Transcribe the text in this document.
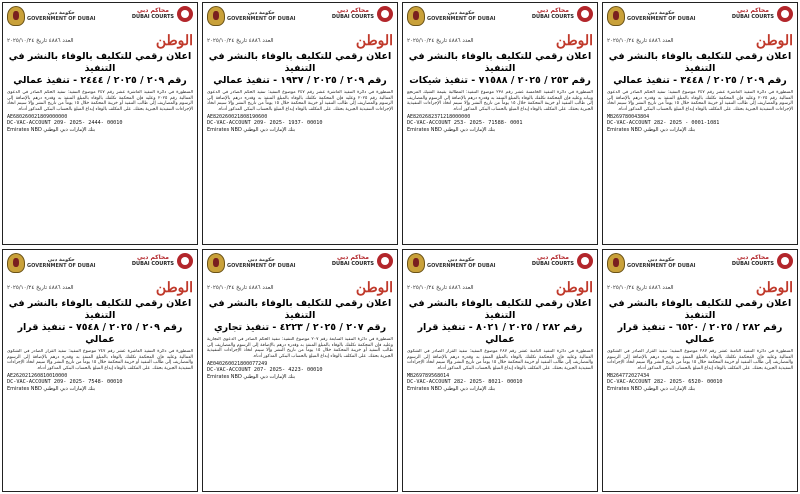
حكومة دبي
GOVERNMENT OF DUBAI
محاكم دبي
DUBAI COURTS
العدد ٤٨٨٦ تاريخ ٢٠٢٥/١٠/٢٤	الوطن
اعلان رقمي للتكليف بالوفاء بالنشر في التنفيذ
رقم ٢٠٩ / ٢٠٢٥ / ٢٤٤٤ - تنفيذ عمالي

المنظورة في دائرة التنفيذ العاشرة عشر رقم ٢٤٧ موضوع التنفيذ: تنفيذ الحكم الصادر في الدعوى العمالية رقم ٢٠٢٥ وعليه فإن المحكمة تكلفك بالوفاء بالمبلغ المنفذ به وقدره درهم بالإضافة إلى الرسوم والمصاريف إلى طالب التنفيذ أو خزينة المحكمة خلال ١٥ يوماً من تاريخ النشر وإلا سيتم اتخاذ الإجراءات التنفيذية الجبرية بحقك. على المكلف بالوفاء إيداع المبلغ بالحساب البنكي المذكور أدناه.

AE680260021809000000
DC-VAC-ACCOUNT 209- 2025- 2444- 00010
بنك الإمارات دبي الوطني Emirates NBD
حكومة دبي
GOVERNMENT OF DUBAI
محاكم دبي
DUBAI COURTS
العدد ٤٨٨٦ تاريخ ٢٠٢٥/١٠/٢٤	الوطن
اعلان رقمي للتكليف بالوفاء بالنشر في التنفيذ
رقم ٢٠٩ / ٢٠٢٥ / ١٩٣٧ - تنفيذ عمالي

المنظورة في دائرة التنفيذ العاشرة عشر رقم ٢٤٧ موضوع التنفيذ: تنفيذ الحكم الصادر في الدعوى العمالية رقم ٢٠٢٥ وعليه فإن المحكمة تكلفك بالوفاء بالمبلغ المنفذ به وقدره درهم بالإضافة إلى الرسوم والمصاريف إلى طالب التنفيذ أو خزينة المحكمة خلال ١٥ يوماً من تاريخ النشر وإلا سيتم اتخاذ الإجراءات التنفيذية الجبرية بحقك. على المكلف بالوفاء إيداع المبلغ بالحساب البنكي المذكور أدناه.

AE820260021808190600
DC-VAC-ACCOUNT 209- 2025- 1937- 00010
بنك الإمارات دبي الوطني Emirates NBD
حكومة دبي
GOVERNMENT OF DUBAI
محاكم دبي
DUBAI COURTS
العدد ٤٨٨٦ تاريخ ٢٠٢٥/١٠/٢٤	الوطن
اعلان رقمي للتكليف بالوفاء بالنشر في التنفيذ
رقم ٢٥٣ / ٢٠٢٥ / ٧١٥٨٨ - تنفيذ شيكات

المنظورة في دائرة التنفيذ الخامسة عشر رقم ٢٣٨ موضوع التنفيذ: المطالبة بقيمة الشيك المرتجع وبيانه وعليه فإن المحكمة تكلفك بالوفاء بالمبلغ المنفذ به وقدره درهم بالإضافة إلى الرسوم والمصاريف إلى طالب التنفيذ أو خزينة المحكمة خلال ١٥ يوماً من تاريخ النشر وإلا سيتم اتخاذ الإجراءات التنفيذية الجبرية بحقك. على المكلف بالوفاء إيداع المبلغ بالحساب البنكي المذكور أدناه.

AE8202682371218000000
DC-VAC-ACCOUNT 253- 2025- 71588- 0001
بنك الإمارات دبي الوطني Emirates NBD
حكومة دبي
GOVERNMENT OF DUBAI
محاكم دبي
DUBAI COURTS
العدد ٤٨٨٦ تاريخ ٢٠٢٥/١٠/٢٤	الوطن
اعلان رقمي للتكليف بالوفاء بالنشر في التنفيذ
رقم ٢٠٩ / ٢٠٢٥ / ٣٤٤٨ - تنفيذ عمالي

المنظورة في دائرة التنفيذ العاشرة عشر رقم ٢٤٧ موضوع التنفيذ: تنفيذ الحكم الصادر في الدعوى العمالية رقم ٢٠٢٥ وعليه فإن المحكمة تكلفك بالوفاء بالمبلغ المنفذ به وقدره درهم بالإضافة إلى الرسوم والمصاريف إلى طالب التنفيذ أو خزينة المحكمة خلال ١٥ يوماً من تاريخ النشر وإلا سيتم اتخاذ الإجراءات التنفيذية الجبرية بحقك. على المكلف بالوفاء إيداع المبلغ بالحساب البنكي المذكور أدناه.

MB269780043804
DC-VAC-ACCOUNT 282- 2025 - 0001-1081
بنك الإمارات دبي الوطني Emirates NBD
حكومة دبي
GOVERNMENT OF DUBAI
محاكم دبي
DUBAI COURTS
العدد ٤٨٨٦ تاريخ ٢٠٢٥/١٠/٢٤	الوطن
اعلان رقمي للتكليف بالوفاء بالنشر في التنفيذ
رقم ٢٠٩ / ٢٠٢٥ / ٧٥٤٨ - تنفيذ قرار عمالي

المنظورة في دائرة التنفيذ العاشرة عشر رقم ٢٤٧ موضوع التنفيذ: تنفيذ القرار الصادر في الشكوى العمالية وعليه فإن المحكمة تكلفك بالوفاء بالمبلغ المنفذ به وقدره درهم بالإضافة إلى الرسوم والمصاريف إلى طالب التنفيذ أو خزينة المحكمة خلال ١٥ يوماً من تاريخ النشر وإلا سيتم اتخاذ الإجراءات التنفيذية الجبرية بحقك. على المكلف بالوفاء إيداع المبلغ بالحساب البنكي المذكور أدناه.

AE262021260810010000
DC-VAC-ACCOUNT 209- 2025- 7548- 00010
بنك الإمارات دبي الوطني Emirates NBD
حكومة دبي
GOVERNMENT OF DUBAI
محاكم دبي
DUBAI COURTS
العدد ٤٨٨٦ تاريخ ٢٠٢٥/١٠/٢٤	الوطن
اعلان رقمي للتكليف بالوفاء بالنشر في التنفيذ
رقم ٢٠٧ / ٢٠٢٥ / ٤٢٢٣ - تنفيذ تجاري

المنظورة في دائرة التنفيذ السابعة رقم ٢٠٧ موضوع التنفيذ: تنفيذ الحكم الصادر في الدعوى التجارية وعليه فإن المحكمة تكلفك بالوفاء بالمبلغ المنفذ به وقدره درهم بالإضافة إلى الرسوم والمصاريف إلى طالب التنفيذ أو خزينة المحكمة خلال ١٥ يوماً من تاريخ النشر وإلا سيتم اتخاذ الإجراءات التنفيذية الجبرية بحقك. على المكلف بالوفاء إيداع المبلغ بالحساب البنكي المذكور أدناه.

AE040260021800077249
DC-VAC-ACCOUNT 207- 2025- 4223- 00010
بنك الإمارات دبي الوطني Emirates NBD
حكومة دبي
GOVERNMENT OF DUBAI
محاكم دبي
DUBAI COURTS
العدد ٤٨٨٦ تاريخ ٢٠٢٥/١٠/٢٤	الوطن
اعلان رقمي للتكليف بالوفاء بالنشر في التنفيذ
رقم ٢٨٢ / ٢٠٢٥ / ٨٠٢١ - تنفيذ قرار عمالي

المنظورة في دائرة التنفيذ الثامنة عشر رقم ٢٨٧ موضوع التنفيذ: تنفيذ القرار الصادر في الشكوى العمالية وعليه فإن المحكمة تكلفك بالوفاء بالمبلغ المنفذ به وقدره درهم بالإضافة إلى الرسوم والمصاريف إلى طالب التنفيذ أو خزينة المحكمة خلال ١٥ يوماً من تاريخ النشر وإلا سيتم اتخاذ الإجراءات التنفيذية الجبرية بحقك. على المكلف بالوفاء إيداع المبلغ بالحساب البنكي المذكور أدناه.

MB269789568014
DC-VAC-ACCOUNT 282- 2025- 8021- 00010
بنك الإمارات دبي الوطني Emirates NBD
حكومة دبي
GOVERNMENT OF DUBAI
محاكم دبي
DUBAI COURTS
العدد ٤٨٨٦ تاريخ ٢٠٢٥/١٠/٢٤	الوطن
اعلان رقمي للتكليف بالوفاء بالنشر في التنفيذ
رقم ٢٨٢ / ٢٠٢٥ / ٦٥٢٠ - تنفيذ قرار عمالي

المنظورة في دائرة التنفيذ الثامنة عشر رقم ٢٨٧ موضوع التنفيذ: تنفيذ القرار الصادر في الشكوى العمالية وعليه فإن المحكمة تكلفك بالوفاء بالمبلغ المنفذ به وقدره درهم بالإضافة إلى الرسوم والمصاريف إلى طالب التنفيذ أو خزينة المحكمة خلال ١٥ يوماً من تاريخ النشر وإلا سيتم اتخاذ الإجراءات التنفيذية الجبرية بحقك. على المكلف بالوفاء إيداع المبلغ بالحساب البنكي المذكور أدناه.

MB264772027434
DC-VAC-ACCOUNT 282- 2025- 6520- 00010
بنك الإمارات دبي الوطني Emirates NBD
